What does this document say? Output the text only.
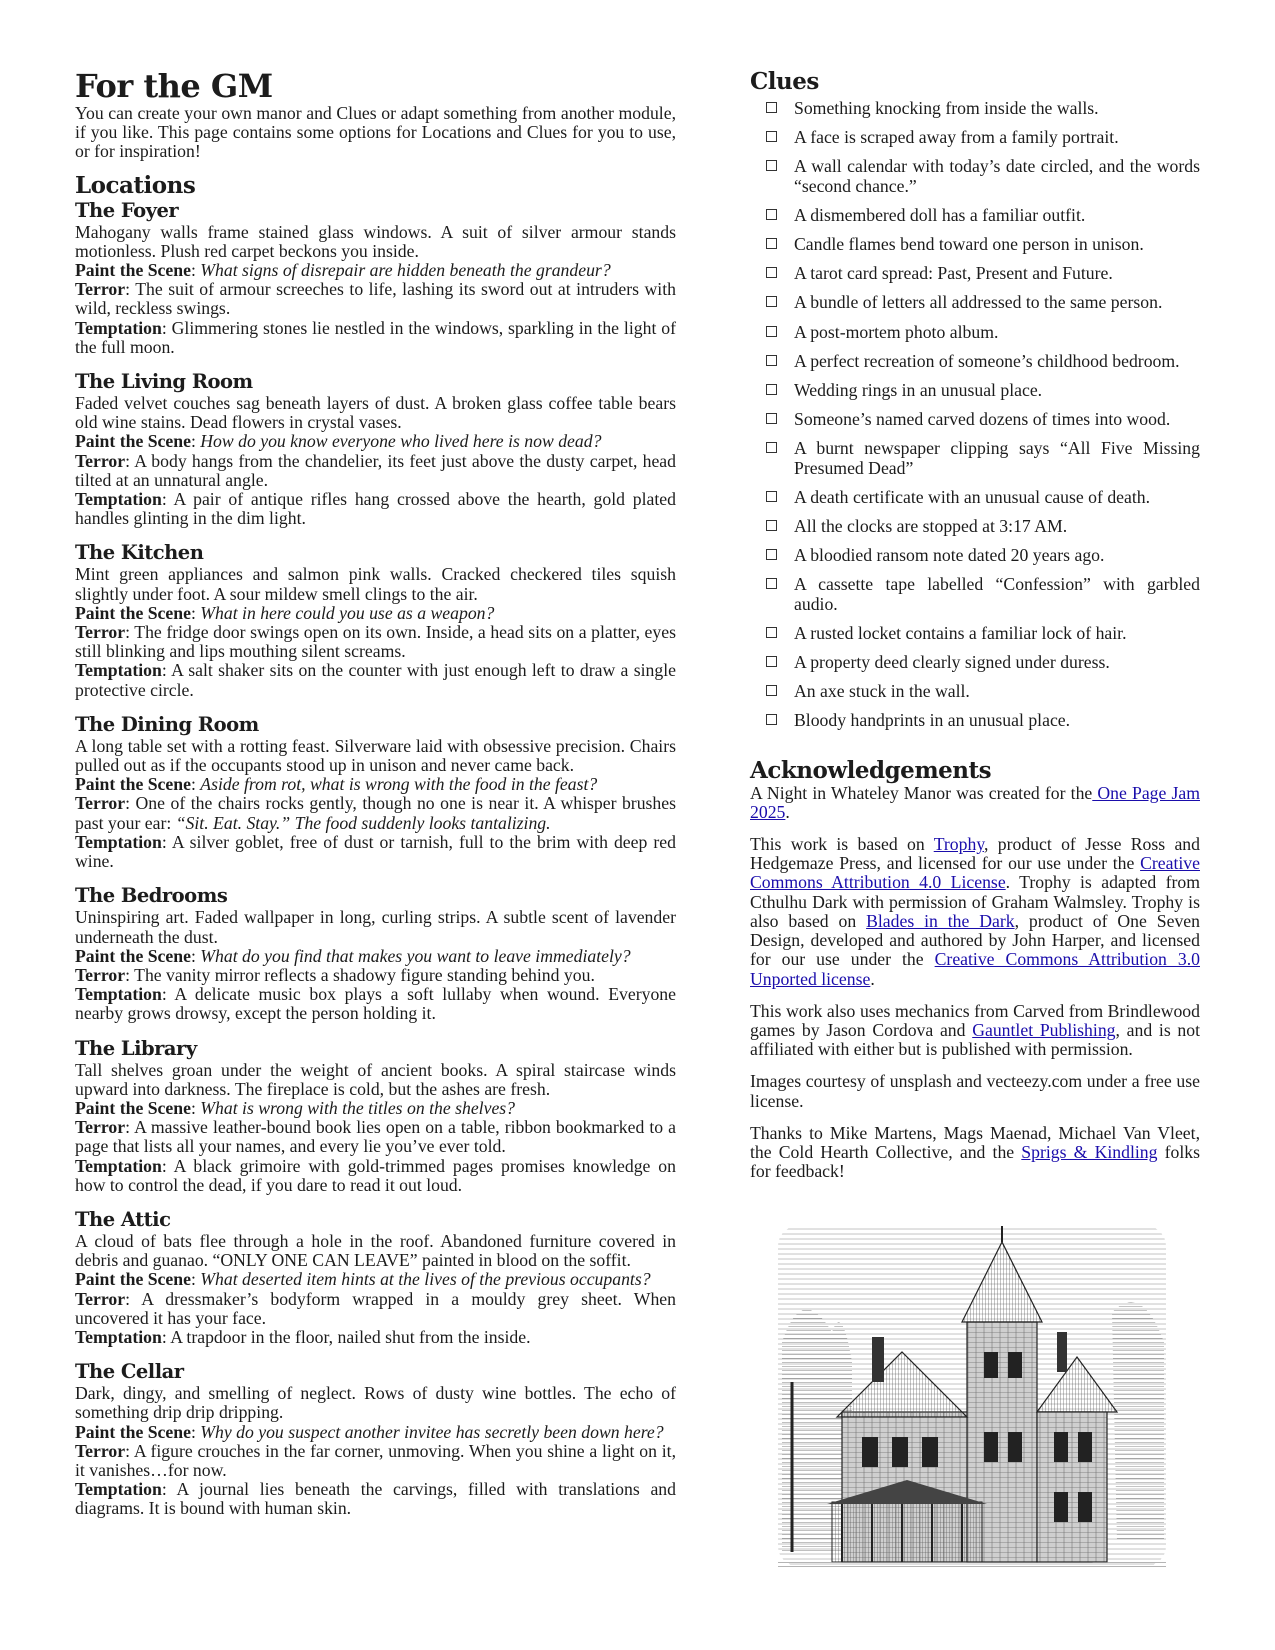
For the GM

You can create your own manor and Clues or adapt something from another module, if you like. This page contains some options for Locations and Clues for you to use, or for inspiration!

Locations
The Foyer

Mahogany walls frame stained glass windows. A suit of silver armour stands motionless. Plush red carpet beckons you inside.

Paint the Scene: What signs of disrepair are hidden beneath the grandeur?

Terror: The suit of armour screeches to life, lashing its sword out at intruders with wild, reckless swings.

Temptation: Glimmering stones lie nestled in the windows, sparkling in the light of the full moon.

The Living Room

Faded velvet couches sag beneath layers of dust. A broken glass coffee table bears old wine stains. Dead flowers in crystal vases.

Paint the Scene: How do you know everyone who lived here is now dead?

Terror: A body hangs from the chandelier, its feet just above the dusty carpet, head tilted at an unnatural angle.

Temptation: A pair of antique rifles hang crossed above the hearth, gold plated handles glinting in the dim light.

The Kitchen

Mint green appliances and salmon pink walls. Cracked checkered tiles squish slightly under foot. A sour mildew smell clings to the air.

Paint the Scene: What in here could you use as a weapon?

Terror: The fridge door swings open on its own. Inside, a head sits on a platter, eyes still blinking and lips mouthing silent screams.

Temptation: A salt shaker sits on the counter with just enough left to draw a single protective circle.

The Dining Room

A long table set with a rotting feast. Silverware laid with obsessive precision. Chairs pulled out as if the occupants stood up in unison and never came back.

Paint the Scene: Aside from rot, what is wrong with the food in the feast?

Terror: One of the chairs rocks gently, though no one is near it. A whisper brushes past your ear: “Sit. Eat. Stay.” The food suddenly looks tantalizing.

Temptation: A silver goblet, free of dust or tarnish, full to the brim with deep red wine.

The Bedrooms

Uninspiring art. Faded wallpaper in long, curling strips. A subtle scent of lavender underneath the dust.

Paint the Scene: What do you find that makes you want to leave immediately?

Terror: The vanity mirror reflects a shadowy figure standing behind you.

Temptation: A delicate music box plays a soft lullaby when wound. Everyone nearby grows drowsy, except the person holding it.

The Library

Tall shelves groan under the weight of ancient books. A spiral staircase winds upward into darkness. The fireplace is cold, but the ashes are fresh.

Paint the Scene: What is wrong with the titles on the shelves?

Terror: A massive leather-bound book lies open on a table, ribbon bookmarked to a page that lists all your names, and every lie you’ve ever told.

Temptation: A black grimoire with gold-trimmed pages promises knowledge on how to control the dead, if you dare to read it out loud.

The Attic

A cloud of bats flee through a hole in the roof. Abandoned furniture covered in debris and guanao. “ONLY ONE CAN LEAVE” painted in blood on the soffit.

Paint the Scene: What deserted item hints at the lives of the previous occupants?

Terror: A dressmaker’s bodyform wrapped in a mouldy grey sheet. When uncovered it has your face.

Temptation: A trapdoor in the floor, nailed shut from the inside.

The Cellar

Dark, dingy, and smelling of neglect. Rows of dusty wine bottles. The echo of something drip drip dripping.

Paint the Scene: Why do you suspect another invitee has secretly been down here?

Terror: A figure crouches in the far corner, unmoving. When you shine a light on it, it vanishes…for now.

Temptation: A journal lies beneath the carvings, filled with translations and diagrams. It is bound with human skin.

Clues
Something knocking from inside the walls.
A face is scraped away from a family portrait.
A wall calendar with today’s date circled, and the words “second chance.”
A dismembered doll has a familiar outfit.
Candle flames bend toward one person in unison.
A tarot card spread: Past, Present and Future.
A bundle of letters all addressed to the same person.
A post-mortem photo album.
A perfect recreation of someone’s childhood bedroom.
Wedding rings in an unusual place.
Someone’s named carved dozens of times into wood.
A burnt newspaper clipping says “All Five Missing Presumed Dead”
A death certificate with an unusual cause of death.
All the clocks are stopped at 3:17 AM.
A bloodied ransom note dated 20 years ago.
A cassette tape labelled “Confession” with garbled audio.
A rusted locket contains a familiar lock of hair.
A property deed clearly signed under duress.
An axe stuck in the wall.
Bloody handprints in an unusual place.
Acknowledgements

A Night in Whateley Manor was created for the One Page Jam 2025.

This work is based on Trophy, product of Jesse Ross and Hedgemaze Press, and licensed for our use under the Creative Commons Attribution 4.0 License. Trophy is adapted from Cthulhu Dark with permission of Graham Walmsley. Trophy is also based on Blades in the Dark, product of One Seven Design, developed and authored by John Harper, and licensed for our use under the Creative Commons Attribution 3.0 Unported license.

This work also uses mechanics from Carved from Brindlewood games by Jason Cordova and Gauntlet Publishing, and is not affiliated with either but is published with permission.

Images courtesy of unsplash and vecteezy.com under a free use license.

Thanks to Mike Martens, Mags Maenad, Michael Van Vleet, the Cold Hearth Collective, and the Sprigs & Kindling folks for feedback!
